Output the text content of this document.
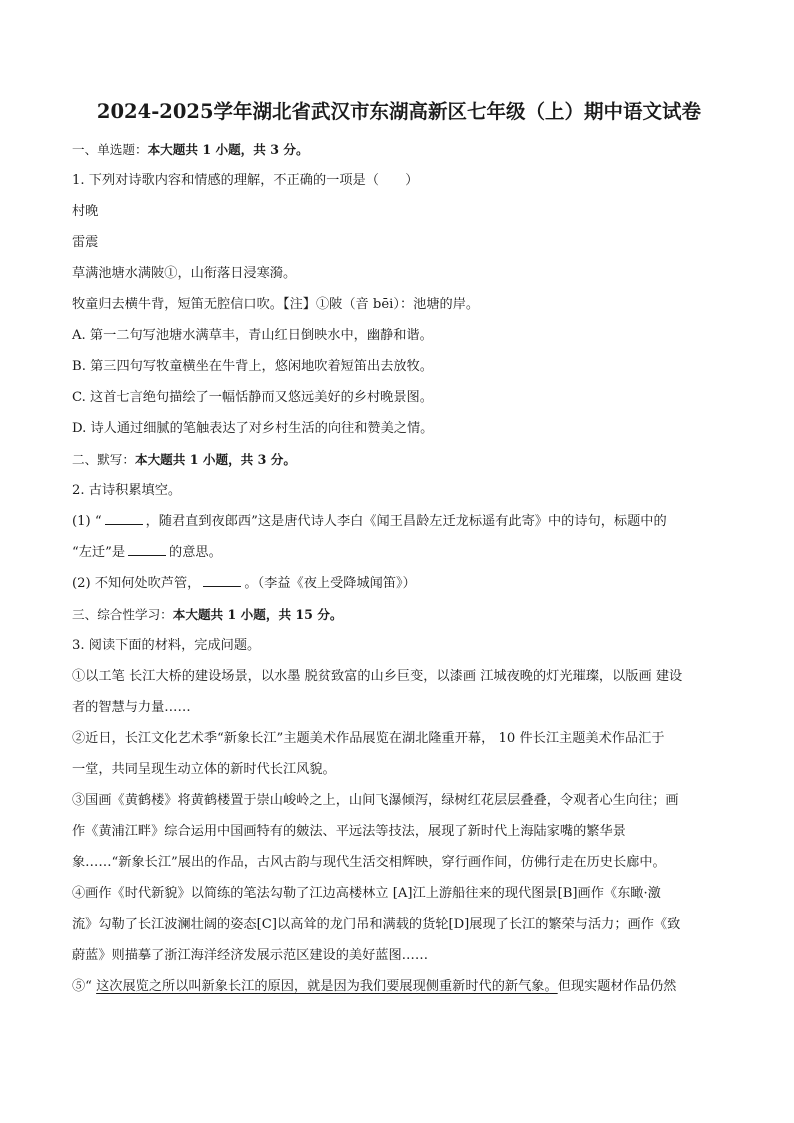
2024-2025学年湖北省武汉市东湖高新区七年级（上）期中语文试卷
一、单选题：本大题共 1 小题，共 3 分。
1. 下列对诗歌内容和情感的理解，不正确的一项是（　　）
村晚
雷震
草满池塘水满陂①，山衔落日浸寒漪。
牧童归去横牛背，短笛无腔信口吹。【注】①陂（音 bēi）：池塘的岸。
A. 第一二句写池塘水满草丰，青山红日倒映水中，幽静和谐。
B. 第三四句写牧童横坐在牛背上，悠闲地吹着短笛出去放牧。
C. 这首七言绝句描绘了一幅恬静而又悠远美好的乡村晚景图。
D. 诗人通过细腻的笔触表达了对乡村生活的向往和赞美之情。
二、默写：本大题共 1 小题，共 3 分。
2. 古诗积累填空。
(1) “	，随君直到夜郎西”这是唐代诗人李白《闻王昌龄左迁龙标遥有此寄》中的诗句，标题中的
“左迁”是	的意思。
(2) 不知何处吹芦管，	。（李益《夜上受降城闻笛》）
三、综合性学习：本大题共 1 小题，共 15 分。
3. 阅读下面的材料，完成问题。
①以工笔 长江大桥的建设场景，以水墨 脱贫致富的山乡巨变，以漆画 江城夜晚的灯光璀璨，以版画 建设
者的智慧与力量……
②近日，长江文化艺术季“新象长江”主题美术作品展览在湖北隆重开幕， 10 件长江主题美术作品汇于
一堂，共同呈现生动立体的新时代长江风貌。
③国画《黄鹤楼》将黄鹤楼置于崇山峻岭之上，山间飞瀑倾泻，绿树红花层层叠叠，令观者心生向往；画
作《黄浦江畔》综合运用中国画特有的皴法、平远法等技法，展现了新时代上海陆家嘴的繁华景
象……“新象长江”展出的作品，古风古韵与现代生活交相辉映，穿行画作间，仿佛行走在历史长廊中。
④画作《时代新貌》以简练的笔法勾勒了江边高楼林立 [A]江上游船往来的现代图景[B]画作《东瞰·激
流》勾勒了长江波澜壮阔的姿态[C]以高耸的龙门吊和满载的货轮[D]展现了长江的繁荣与活力；画作《致
蔚蓝》则描摹了浙江海洋经济发展示范区建设的美好蓝图……
⑤“ 这次展览之所以叫新象长江的原因，就是因为我们要展现侧重新时代的新气象。但现实题材作品仍然
